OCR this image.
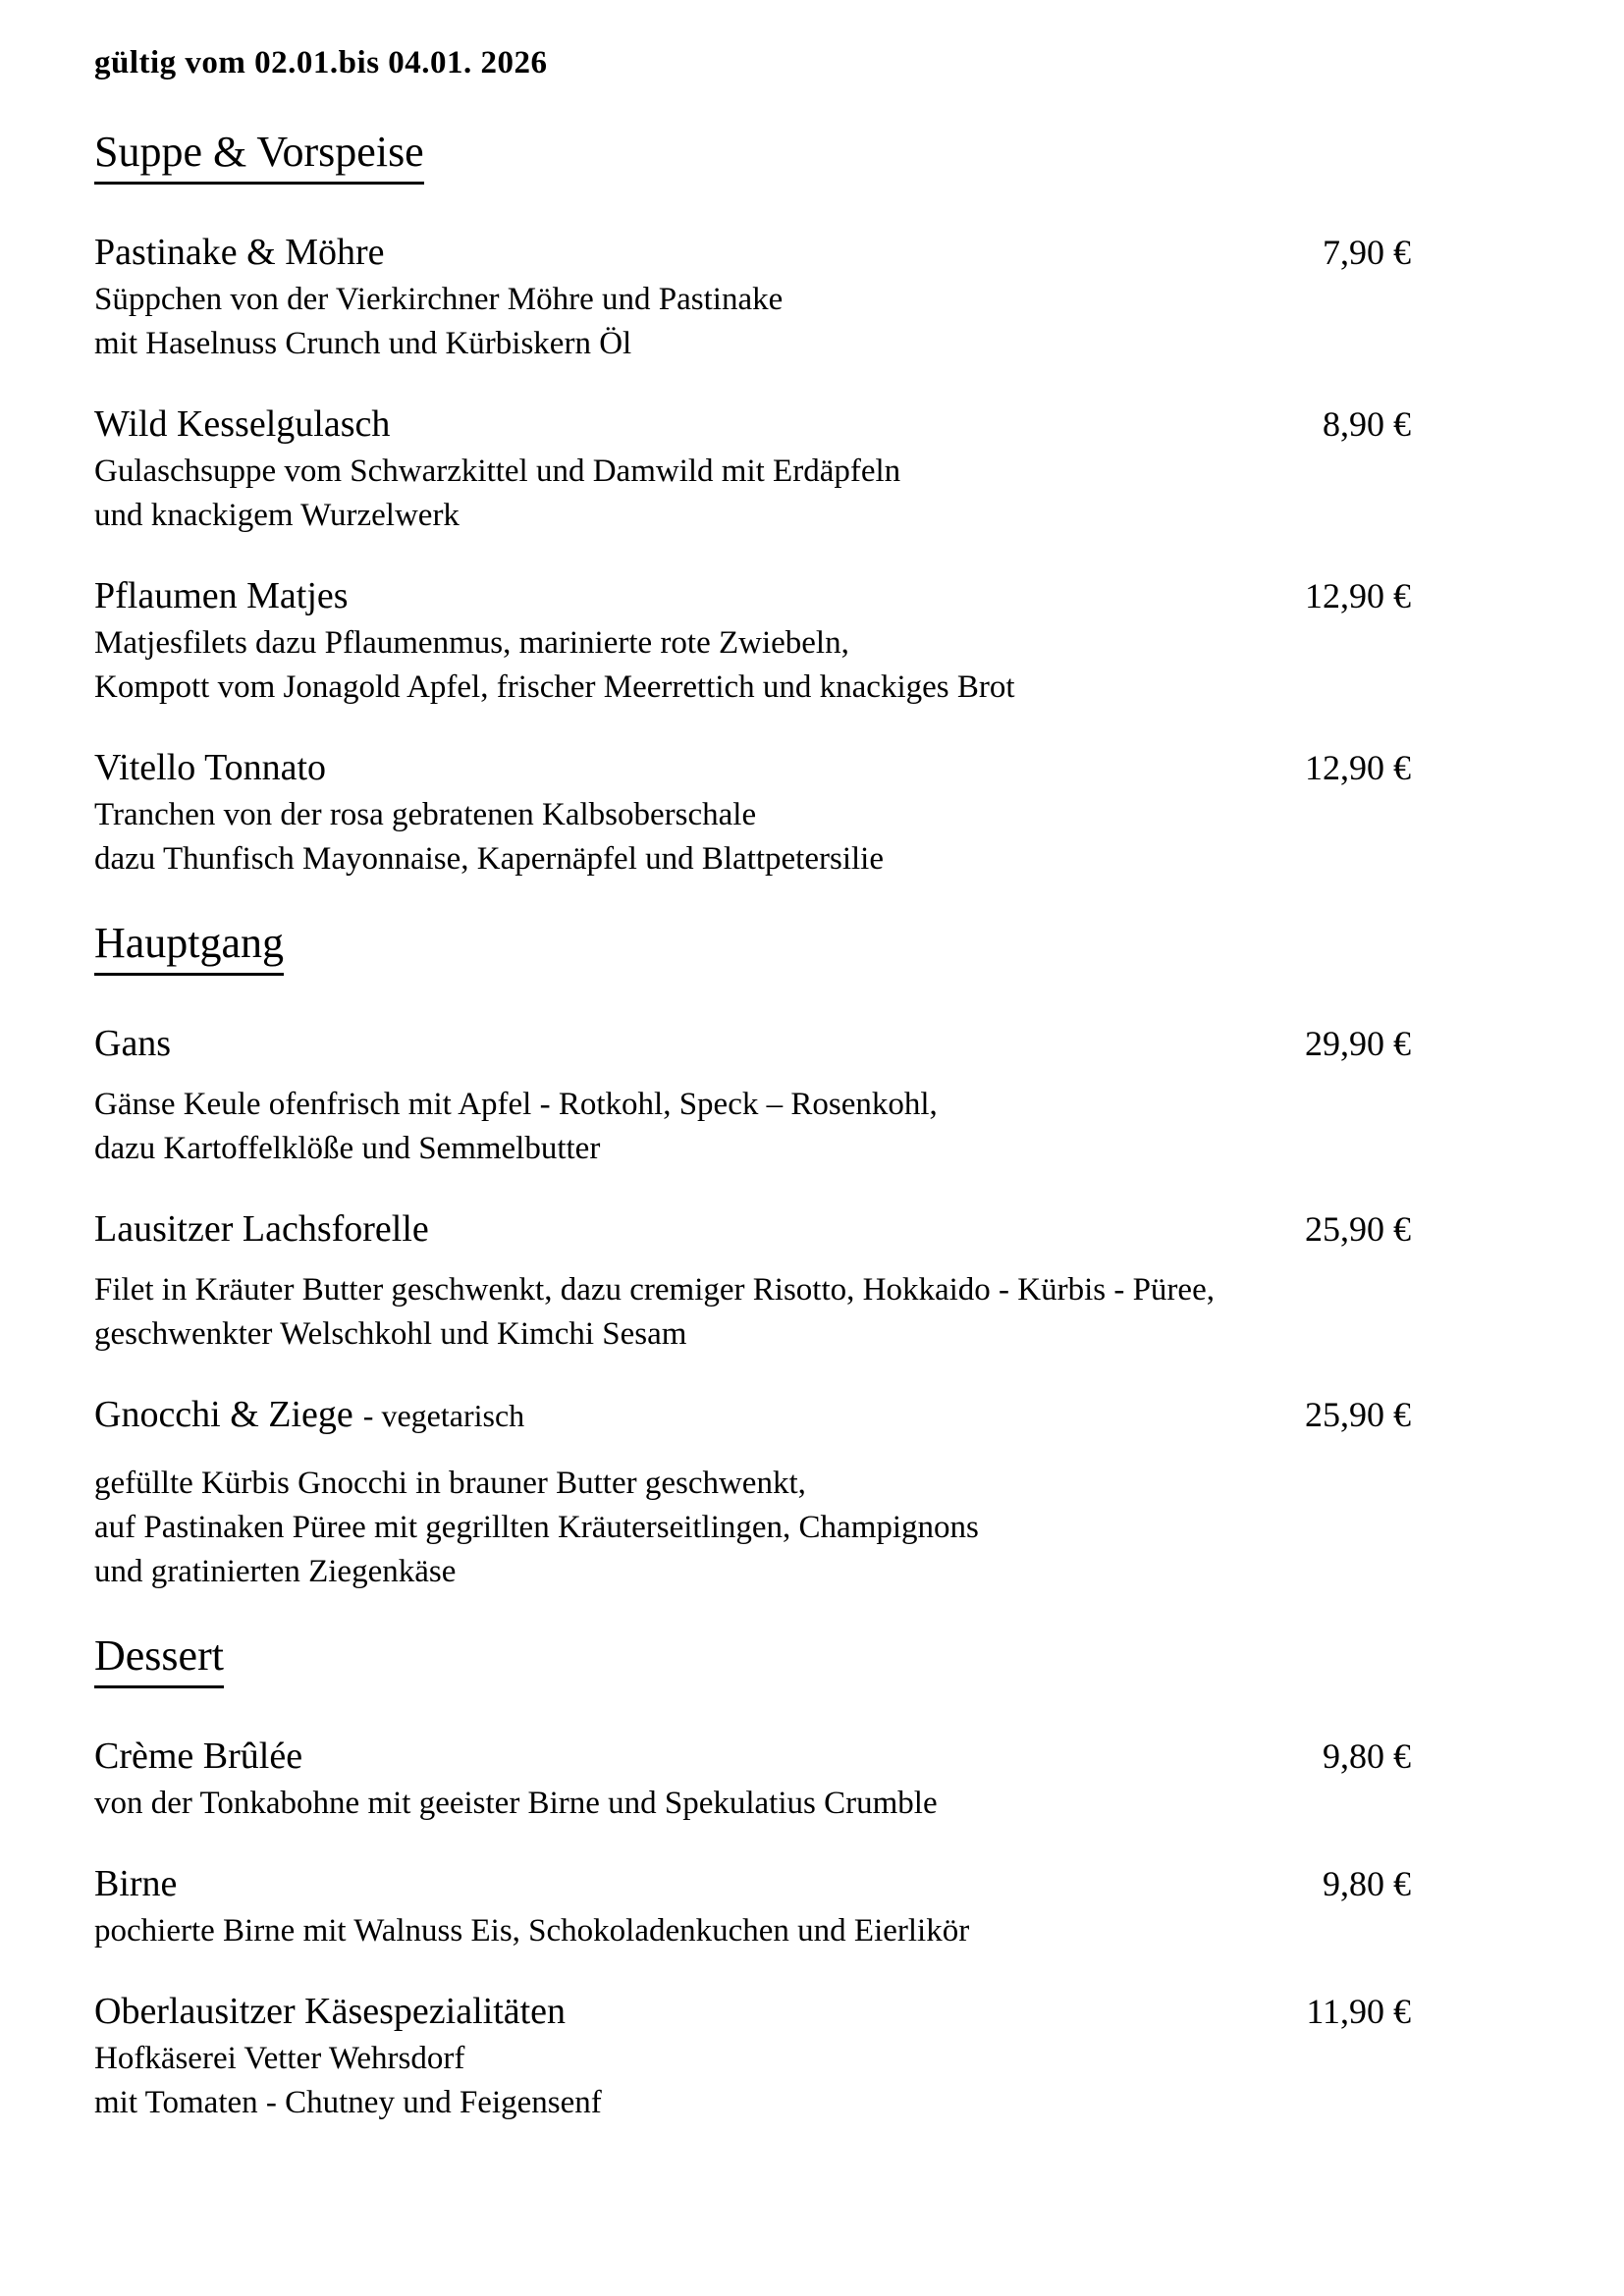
gültig vom 02.01.bis 04.01. 2026
Suppe & Vorspeise
Pastinake & Möhre	7,90 €
Süppchen von der Vierkirchner Möhre und Pastinake
mit Haselnuss Crunch und Kürbiskern Öl
Wild Kesselgulasch	8,90 €
Gulaschsuppe vom Schwarzkittel und Damwild mit Erdäpfeln
und knackigem Wurzelwerk
Pflaumen Matjes	12,90 €
Matjesfilets dazu Pflaumenmus, marinierte rote Zwiebeln,
Kompott vom Jonagold Apfel, frischer Meerrettich und knackiges Brot
Vitello Tonnato	12,90 €
Tranchen von der rosa gebratenen Kalbsoberschale
dazu Thunfisch Mayonnaise, Kapernäpfel und Blattpetersilie
Hauptgang
Gans	29,90 €
Gänse Keule ofenfrisch mit Apfel - Rotkohl, Speck – Rosenkohl,
dazu Kartoffelklöße und Semmelbutter
Lausitzer Lachsforelle	25,90 €
Filet in Kräuter Butter geschwenkt, dazu cremiger Risotto, Hokkaido - Kürbis - Püree,
geschwenkter Welschkohl und Kimchi Sesam
Gnocchi & Ziege - vegetarisch	25,90 €
gefüllte Kürbis Gnocchi in brauner Butter geschwenkt,
auf Pastinaken Püree mit gegrillten Kräuterseitlingen, Champignons
und gratinierten Ziegenkäse
Dessert
Crème Brûlée	9,80 €
von der Tonkabohne mit geeister Birne und Spekulatius Crumble
Birne	9,80 €
pochierte Birne mit Walnuss Eis, Schokoladenkuchen und Eierlikör
Oberlausitzer Käsespezialitäten	11,90 €
Hofkäserei Vetter Wehrsdorf
mit Tomaten - Chutney und Feigensenf
